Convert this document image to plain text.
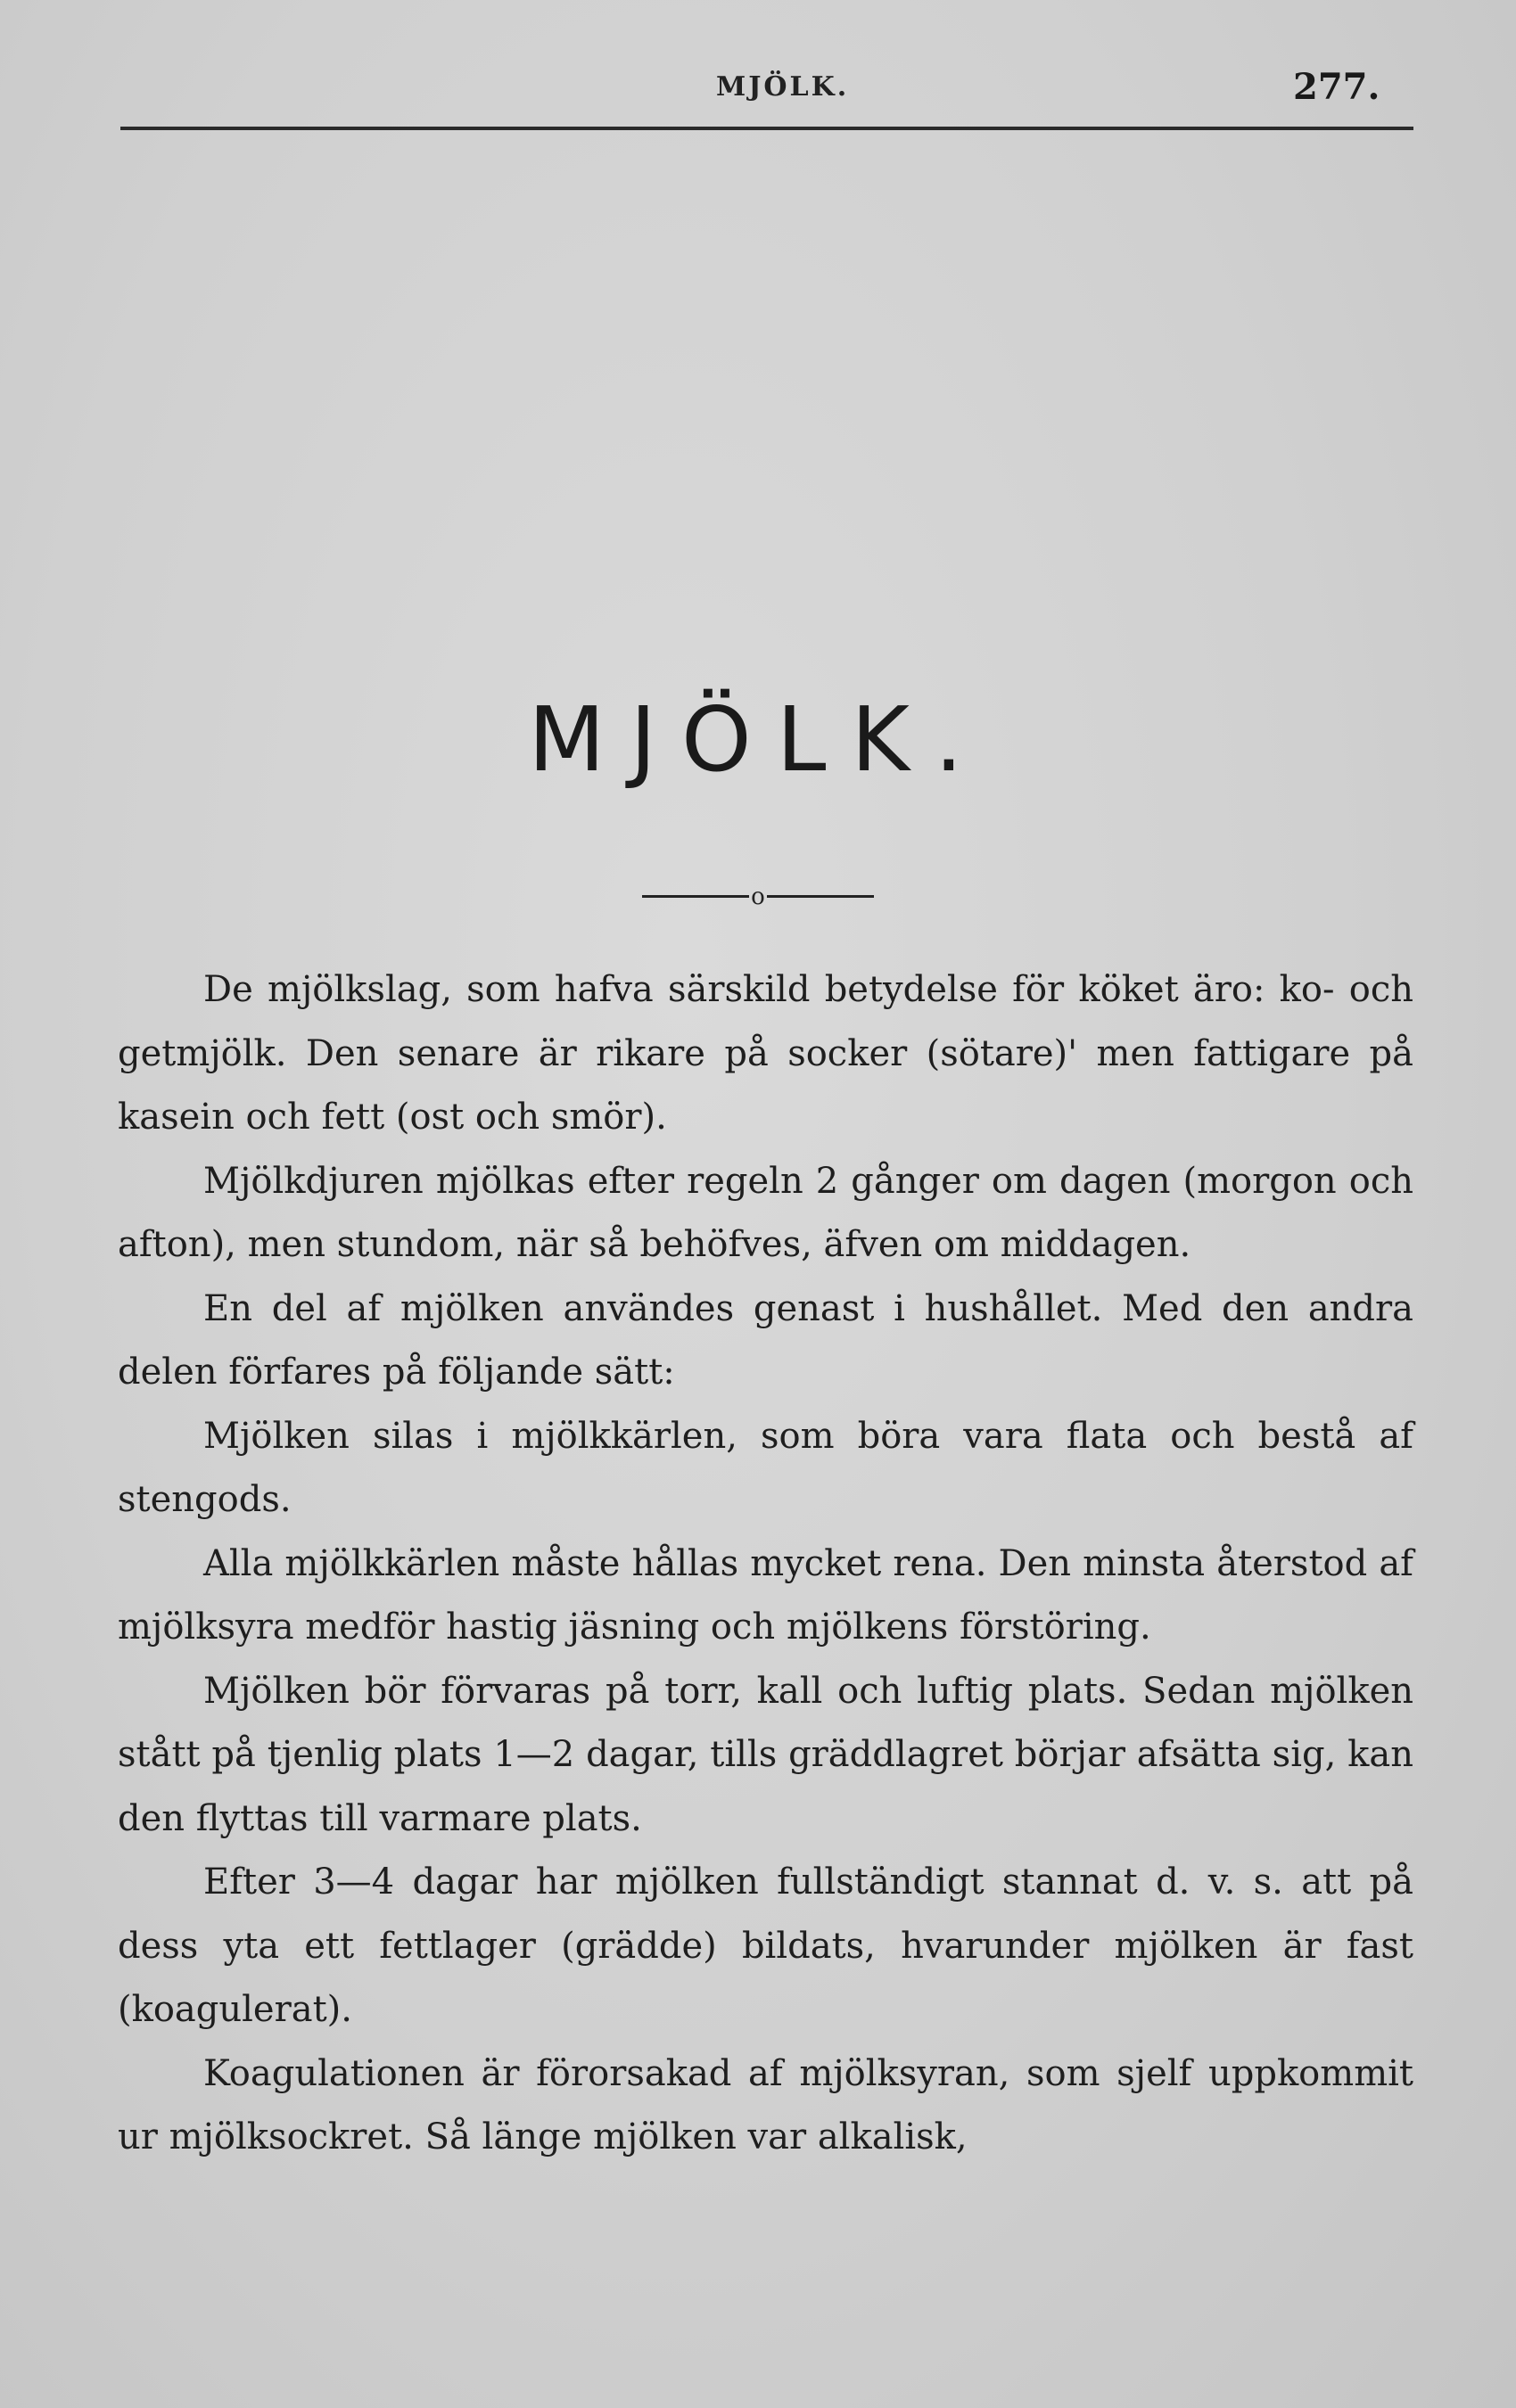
MJÖLK.	277.
MJÖLK.
o

De mjölkslag, som hafva särskild betydelse för köket äro: ko- och getmjölk. Den senare är rikare på socker (sötare)' men fattigare på kasein och fett (ost och smör).

Mjölkdjuren mjölkas efter regeln 2 gånger om dagen (morgon och afton), men stundom, när så behöfves, äfven om middagen.

En del af mjölken användes genast i hushållet. Med den andra delen förfares på följande sätt:

Mjölken silas i mjölkkärlen, som böra vara flata och bestå af stengods.

Alla mjölkkärlen måste hållas mycket rena. Den minsta återstod af mjölksyra medför hastig jäsning och mjölkens förstöring.

Mjölken bör förvaras på torr, kall och luftig plats. Sedan mjölken stått på tjenlig plats 1—2 dagar, tills gräddlagret börjar afsätta sig, kan den flyttas till varmare plats.

Efter 3—4 dagar har mjölken fullständigt stannat d. v. s. att på dess yta ett fettlager (grädde) bildats, hvarunder mjölken är fast (koagulerat).

Koagulationen är förorsakad af mjölksyran, som sjelf uppkommit ur mjölksockret. Så länge mjölken var alkalisk,
